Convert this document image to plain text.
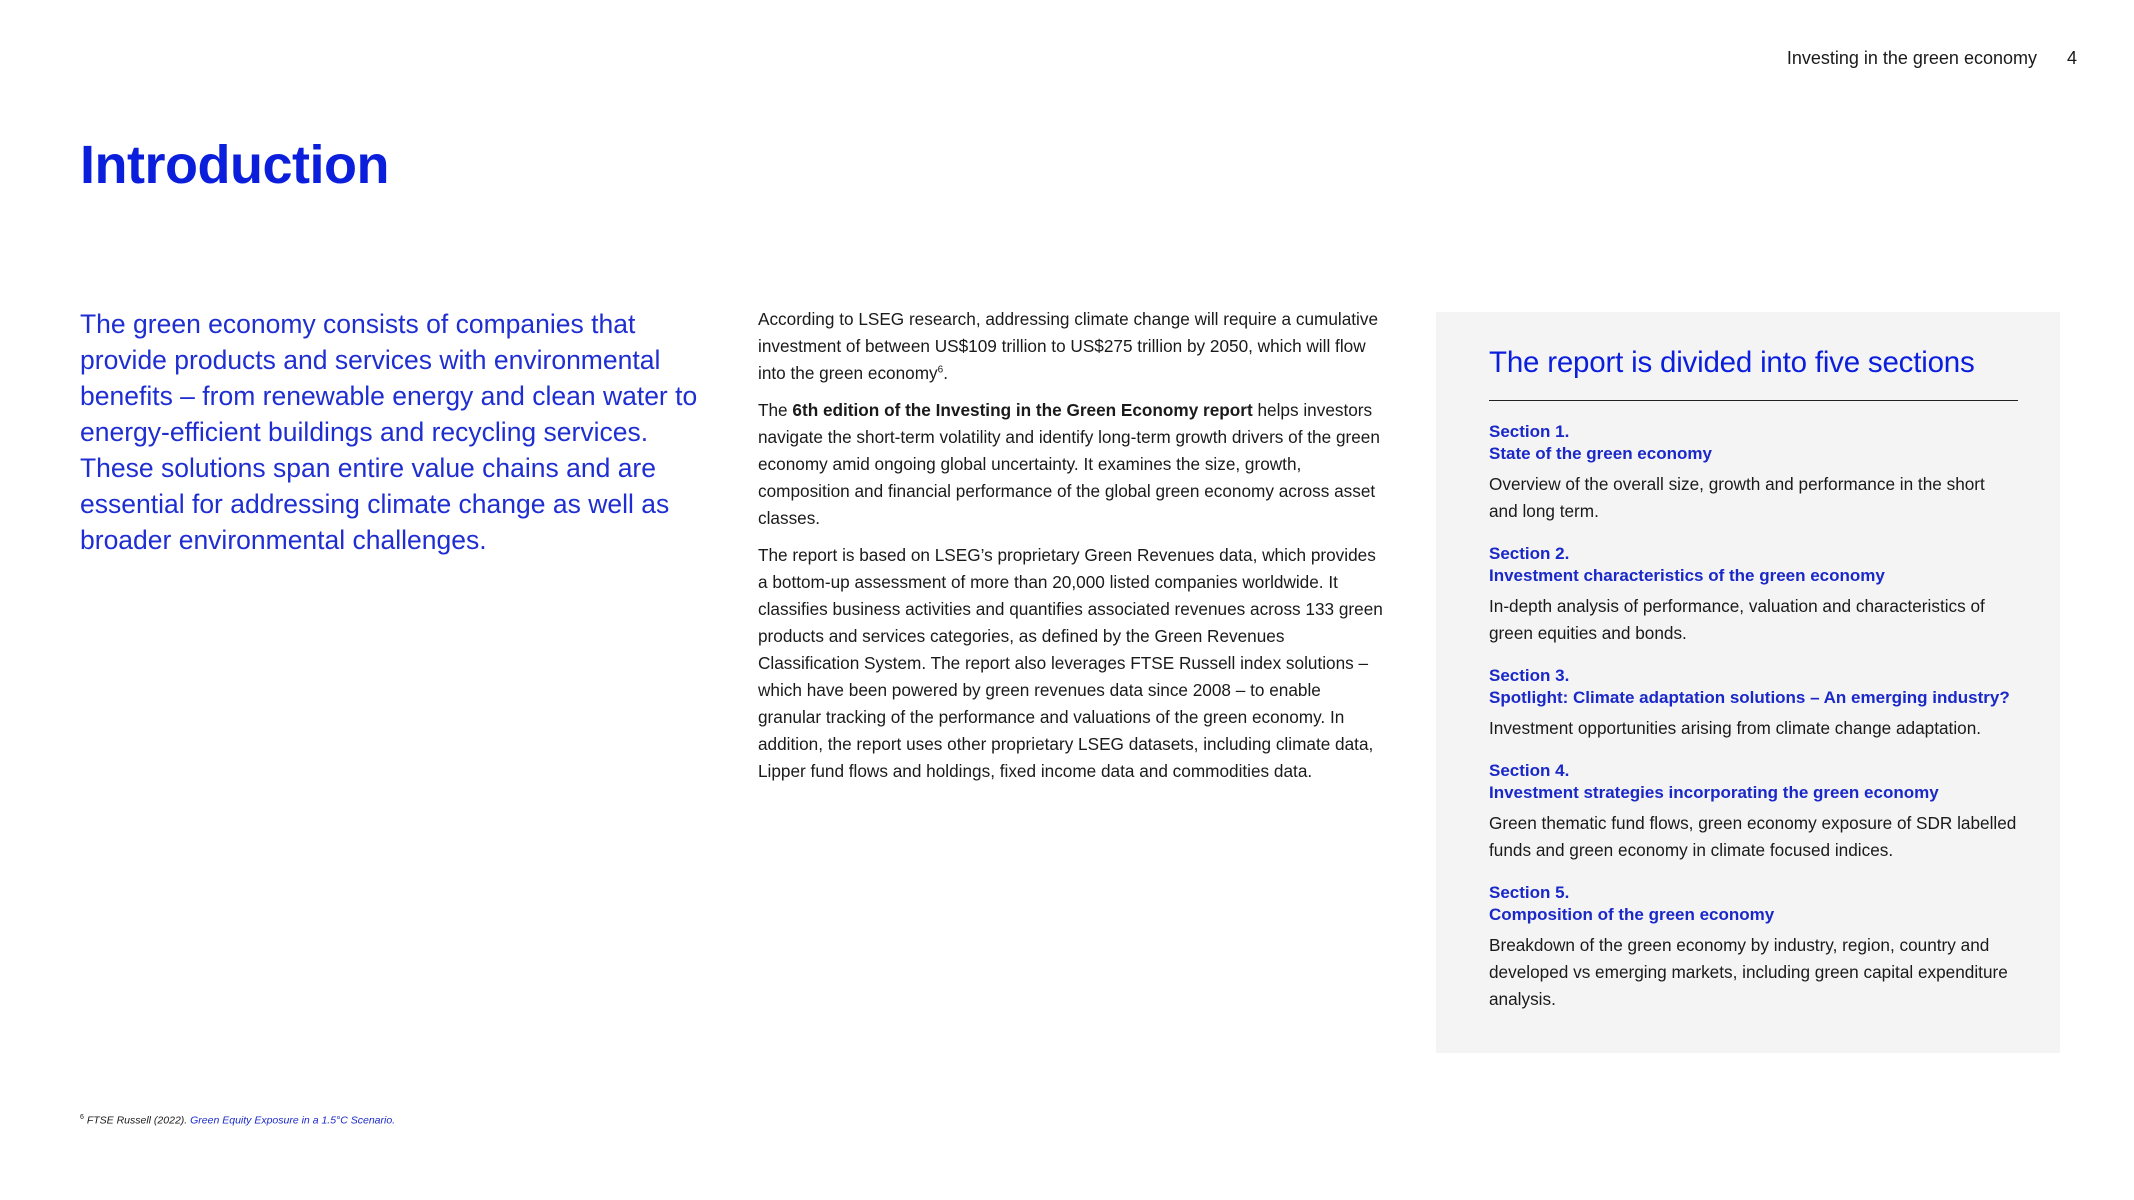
Investing in the green economy 4
Introduction

The green economy consists of companies that provide products and services with environmental benefits – from renewable energy and clean water to energy-efficient buildings and recycling services. These solutions span entire value chains and are essential for addressing climate change as well as broader environmental challenges.

According to LSEG research, addressing climate change will require a cumulative investment of between US$109 trillion to US$275 trillion by 2050, which will flow into the green economy$^6$.

The 6th edition of the Investing in the Green Economy report helps investors navigate the short-term volatility and identify long-term growth drivers of the green economy amid ongoing global uncertainty. It examines the size, growth, composition and financial performance of the global green economy across asset classes.

The report is based on LSEG’s proprietary Green Revenues data, which provides a bottom-up assessment of more than 20,000 listed companies worldwide. It classifies business activities and quantifies associated revenues across 133 green products and services categories, as defined by the Green Revenues Classification System. The report also leverages FTSE Russell index solutions – which have been powered by green revenues data since 2008 – to enable granular tracking of the performance and valuations of the green economy. In addition, the report uses other proprietary LSEG datasets, including climate data, Lipper fund flows and holdings, fixed income data and commodities data.

The report is divided into five sections
Section 1.
State of the green economy
Overview of the overall size, growth and performance in the short and long term.
Section 2.
Investment characteristics of the green economy
In-depth analysis of performance, valuation and characteristics of green equities and bonds.
Section 3.
Spotlight: Climate adaptation solutions – An emerging industry?
Investment opportunities arising from climate change adaptation.
Section 4.
Investment strategies incorporating the green economy
Green thematic fund flows, green economy exposure of SDR labelled funds and green economy in climate focused indices.
Section 5.
Composition of the green economy
Breakdown of the green economy by industry, region, country and developed vs emerging markets, including green capital expenditure analysis.
$^6$ FTSE Russell (2022). Green Equity Exposure in a 1.5°C Scenario.
